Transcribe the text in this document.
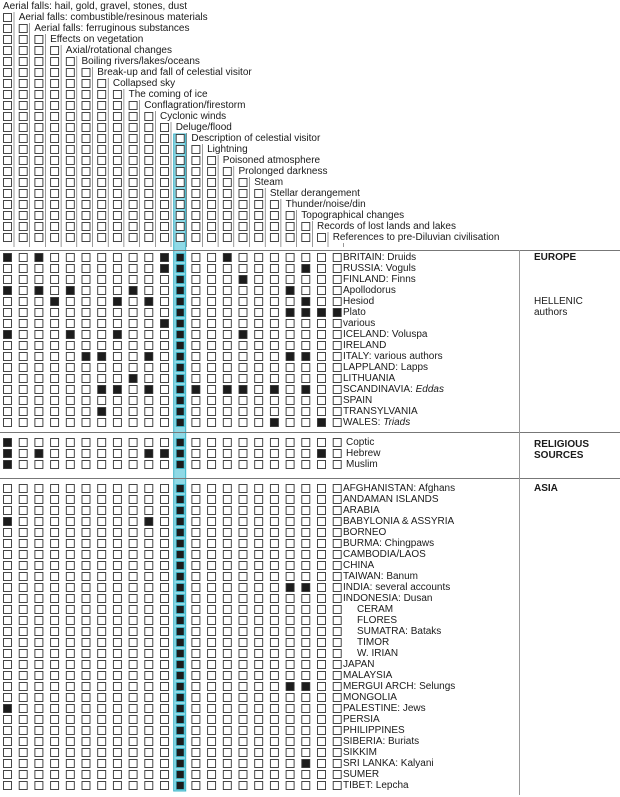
Aerial falls: hail, gold, gravel, stones, dust
Aerial falls: combustible/resinous materials
Aerial falls: ferruginous substances
Effects on vegetation
Axial/rotational changes
Boiling rivers/lakes/oceans
Break-up and fall of celestial visitor
Collapsed sky
The coming of ice
Conflagration/firestorm
Cyclonic winds
Deluge/flood
Description of celestial visitor
Lightning
Poisoned atmosphere
Prolonged darkness
Steam
Stellar derangement
Thunder/noise/din
Topographical changes
Records of lost lands and lakes
References to pre-Diluvian civilisation
BRITAIN: Druids
RUSSIA: Voguls
FINLAND: Finns
Apollodorus
Hesiod
Plato
various
ICELAND: Voluspa
IRELAND
ITALY: various authors
LAPPLAND: Lapps
LITHUANIA
SCANDINAVIA: Eddas
SPAIN
TRANSYLVANIA
WALES: Triads
Coptic
Hebrew
Muslim
AFGHANISTAN: Afghans
ANDAMAN ISLANDS
ARABIA
BABYLONIA & ASSYRIA
BORNEO
BURMA: Chingpaws
CAMBODIA/LAOS
CHINA
TAIWAN: Banum
INDIA: several accounts
INDONESIA: Dusan
CERAM
FLORES
SUMATRA: Bataks
TIMOR
W. IRIAN
JAPAN
MALAYSIA
MERGUI ARCH: Selungs
MONGOLIA
PALESTINE: Jews
PERSIA
PHILIPPINES
SIBERIA: Buriats
SIKKIM
SRI LANKA: Kalyani
SUMER
TIBET: Lepcha
EUROPE
HELLENIC
authors
RELIGIOUS
SOURCES
ASIA
